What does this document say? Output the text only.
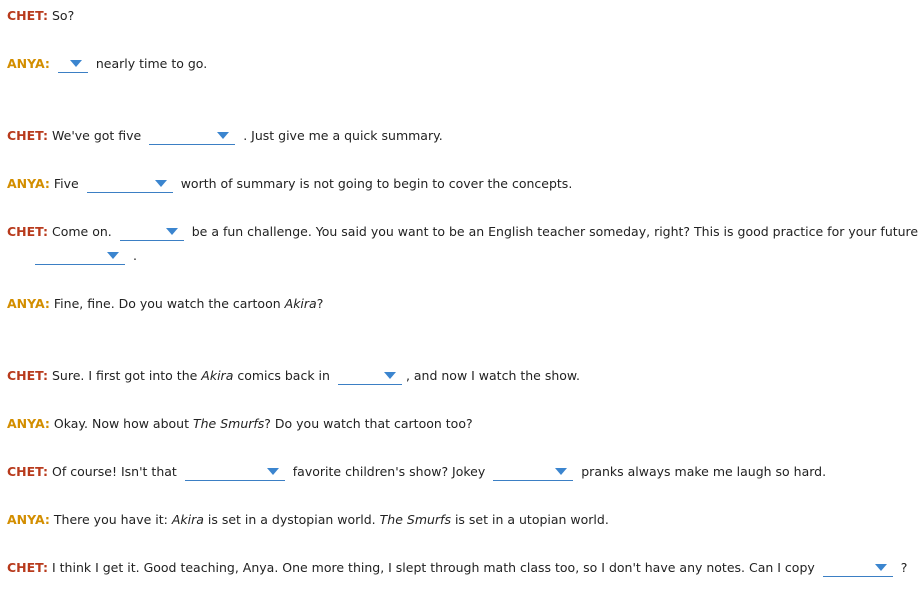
CHET: So?
ANYA:	nearly time to go.
CHET: We've got five	. Just give me a quick summary.
ANYA: Five	worth of summary is not going to begin to cover the concepts.
CHET: Come on.	be a fun challenge. You said you want to be an English teacher someday, right? This is good practice for your future
.
ANYA: Fine, fine. Do you watch the cartoon Akira?
CHET: Sure. I first got into the Akira comics back in	, and now I watch the show.
ANYA: Okay. Now how about The Smurfs? Do you watch that cartoon too?
CHET: Of course! Isn't that	favorite children's show? Jokey	pranks always make me laugh so hard.
ANYA: There you have it: Akira is set in a dystopian world. The Smurfs is set in a utopian world.
CHET: I think I get it. Good teaching, Anya. One more thing, I slept through math class too, so I don't have any notes. Can I copy	?
